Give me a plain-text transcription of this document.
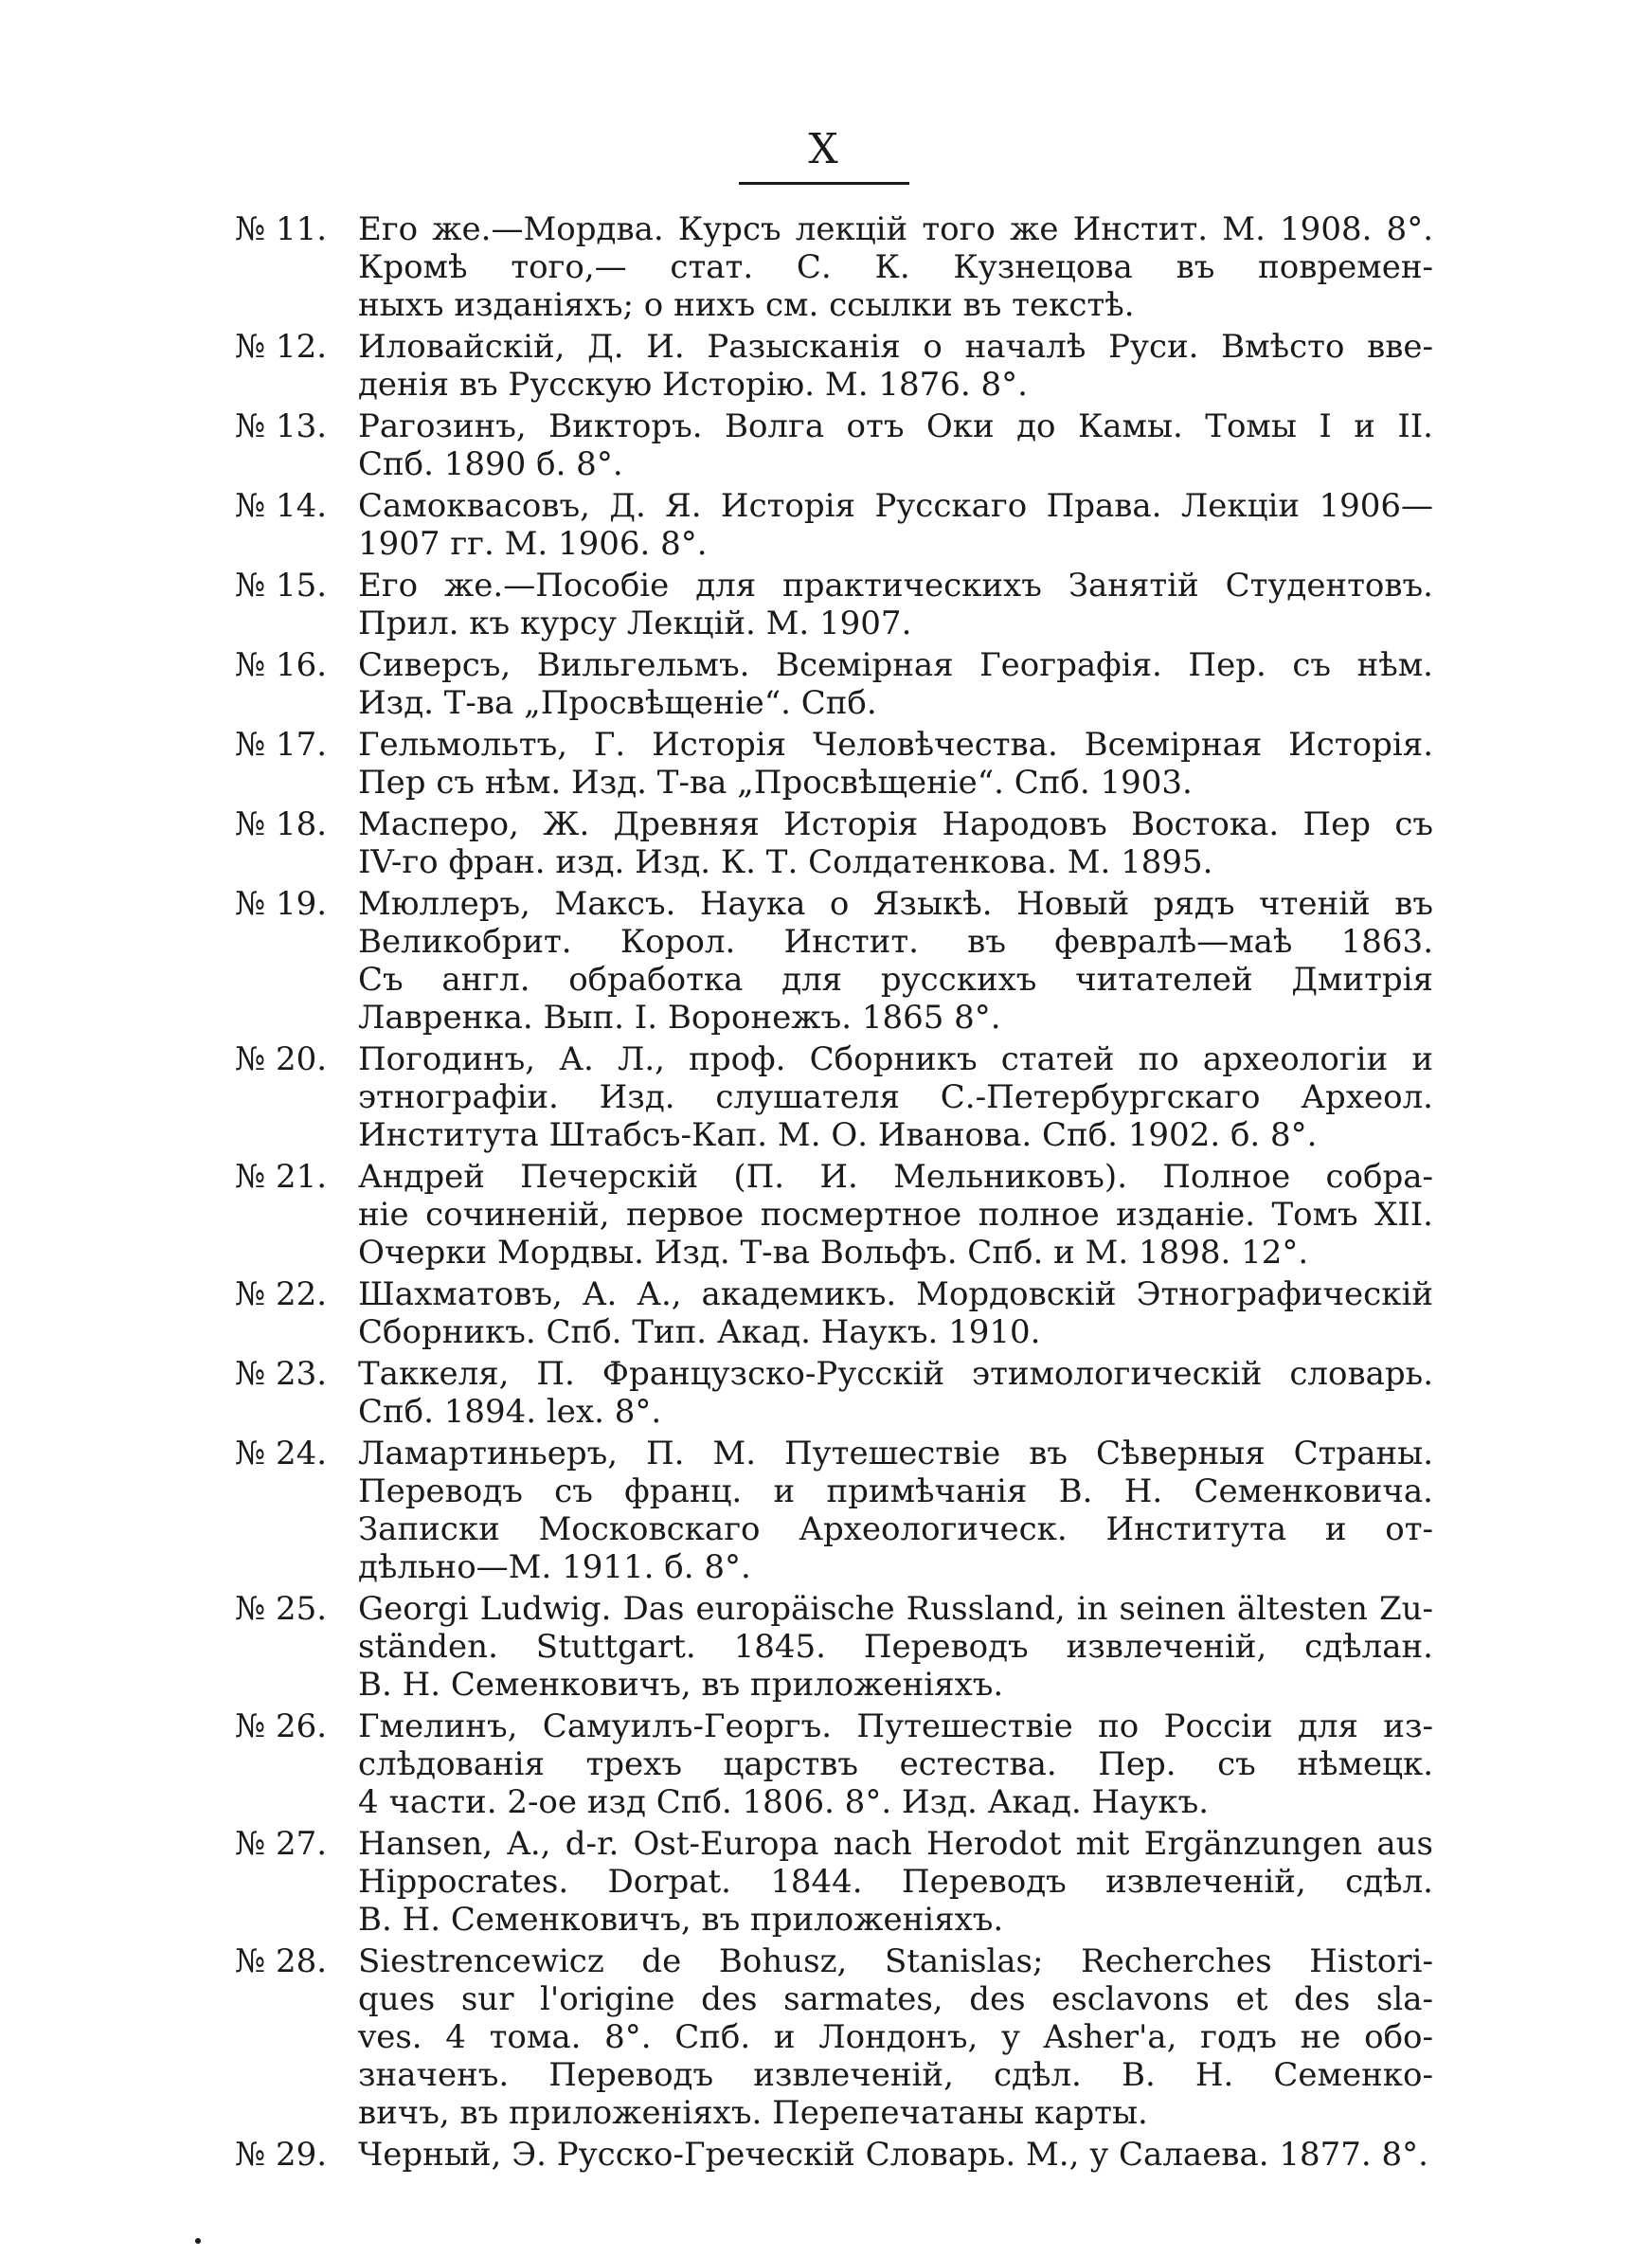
X
№ 11. Его же.—Мордва. Курсъ лекцій того же Инстит. М. 1908. 8°.
Кромѣ того,— стат. С. К. Кузнецова въ повремен-
ныхъ изданіяхъ; о нихъ см. ссылки въ текстѣ.
№ 12. Иловайскій, Д. И. Разысканія о началѣ Руси. Вмѣсто вве-
денія въ Русскую Исторію. М. 1876. 8°.
№ 13. Рагозинъ, Викторъ. Волга отъ Оки до Камы. Томы I и II.
Спб. 1890 б. 8°.
№ 14. Самоквасовъ, Д. Я. Исторія Русскаго Права. Лекціи 1906—
1907 гг. М. 1906. 8°.
№ 15. Его же.—Пособіе для практическихъ Занятій Студентовъ.
Прил. къ курсу Лекцій. М. 1907.
№ 16. Сиверсъ, Вильгельмъ. Всемірная Географія. Пер. съ нѣм.
Изд. Т-ва „Просвѣщеніе“. Спб.
№ 17. Гельмольтъ, Г. Исторія Человѣчества. Всемірная Исторія.
Пер съ нѣм. Изд. Т-ва „Просвѣщеніе“. Спб. 1903.
№ 18. Масперо, Ж. Древняя Исторія Народовъ Востока. Пер съ
IV-го фран. изд. Изд. К. Т. Солдатенкова. М. 1895.
№ 19. Мюллеръ, Максъ. Наука о Языкѣ. Новый рядъ чтеній въ
Великобрит. Корол. Инстит. въ февралѣ—маѣ 1863.
Съ англ. обработка для русскихъ читателей Дмитрія
Лавренка. Вып. I. Воронежъ. 1865 8°.
№ 20. Погодинъ, А. Л., проф. Сборникъ статей по археологіи и
этнографіи. Изд. слушателя С.-Петербургскаго Археол.
Института Штабсъ-Кап. М. О. Иванова. Спб. 1902. б. 8°.
№ 21. Андрей Печерскій (П. И. Мельниковъ). Полное собра-
ніе сочиненій, первое посмертное полное изданіе. Томъ XII.
Очерки Мордвы. Изд. Т-ва Вольфъ. Спб. и М. 1898. 12°.
№ 22. Шахматовъ, А. А., академикъ. Мордовскій Этнографическій
Сборникъ. Спб. Тип. Акад. Наукъ. 1910.
№ 23. Таккеля, П. Французско-Русскій этимологическій словарь.
Спб. 1894. lex. 8°.
№ 24. Ламартиньеръ, П. М. Путешествіе въ Сѣверныя Страны.
Переводъ съ франц. и примѣчанія В. Н. Семенковича.
Записки Московскаго Археологическ. Института и от-
дѣльно—М. 1911. б. 8°.
№ 25. Georgi Ludwig. Das europäische Russland, in seinen ältesten Zu-
ständen. Stuttgart. 1845. Переводъ извлеченій, сдѣлан.
В. Н. Семенковичъ, въ приложеніяхъ.
№ 26. Гмелинъ, Самуилъ-Георгъ. Путешествіе по Россіи для из-
слѣдованія трехъ царствъ естества. Пер. съ нѣмецк.
4 части. 2-ое изд Спб. 1806. 8°. Изд. Акад. Наукъ.
№ 27. Hansen, A., d-r. Ost-Europa nach Herodot mit Ergänzungen aus
Hippocrates. Dorpat. 1844. Переводъ извлеченій, сдѣл.
В. Н. Семенковичъ, въ приложеніяхъ.
№ 28. Siestrencewicz de Bohusz, Stanislas; Recherches Histori-
ques sur l'origine des sarmates, des esclavons et des sla-
ves. 4 тома. 8°. Спб. и Лондонъ, у Asher'а, годъ не обо-
значенъ. Переводъ извлеченій, сдѣл. В. Н. Семенко-
вичъ, въ приложеніяхъ. Перепечатаны карты.
№ 29. Черный, Э. Русско-Греческій Словарь. М., у Салаева. 1877. 8°.
